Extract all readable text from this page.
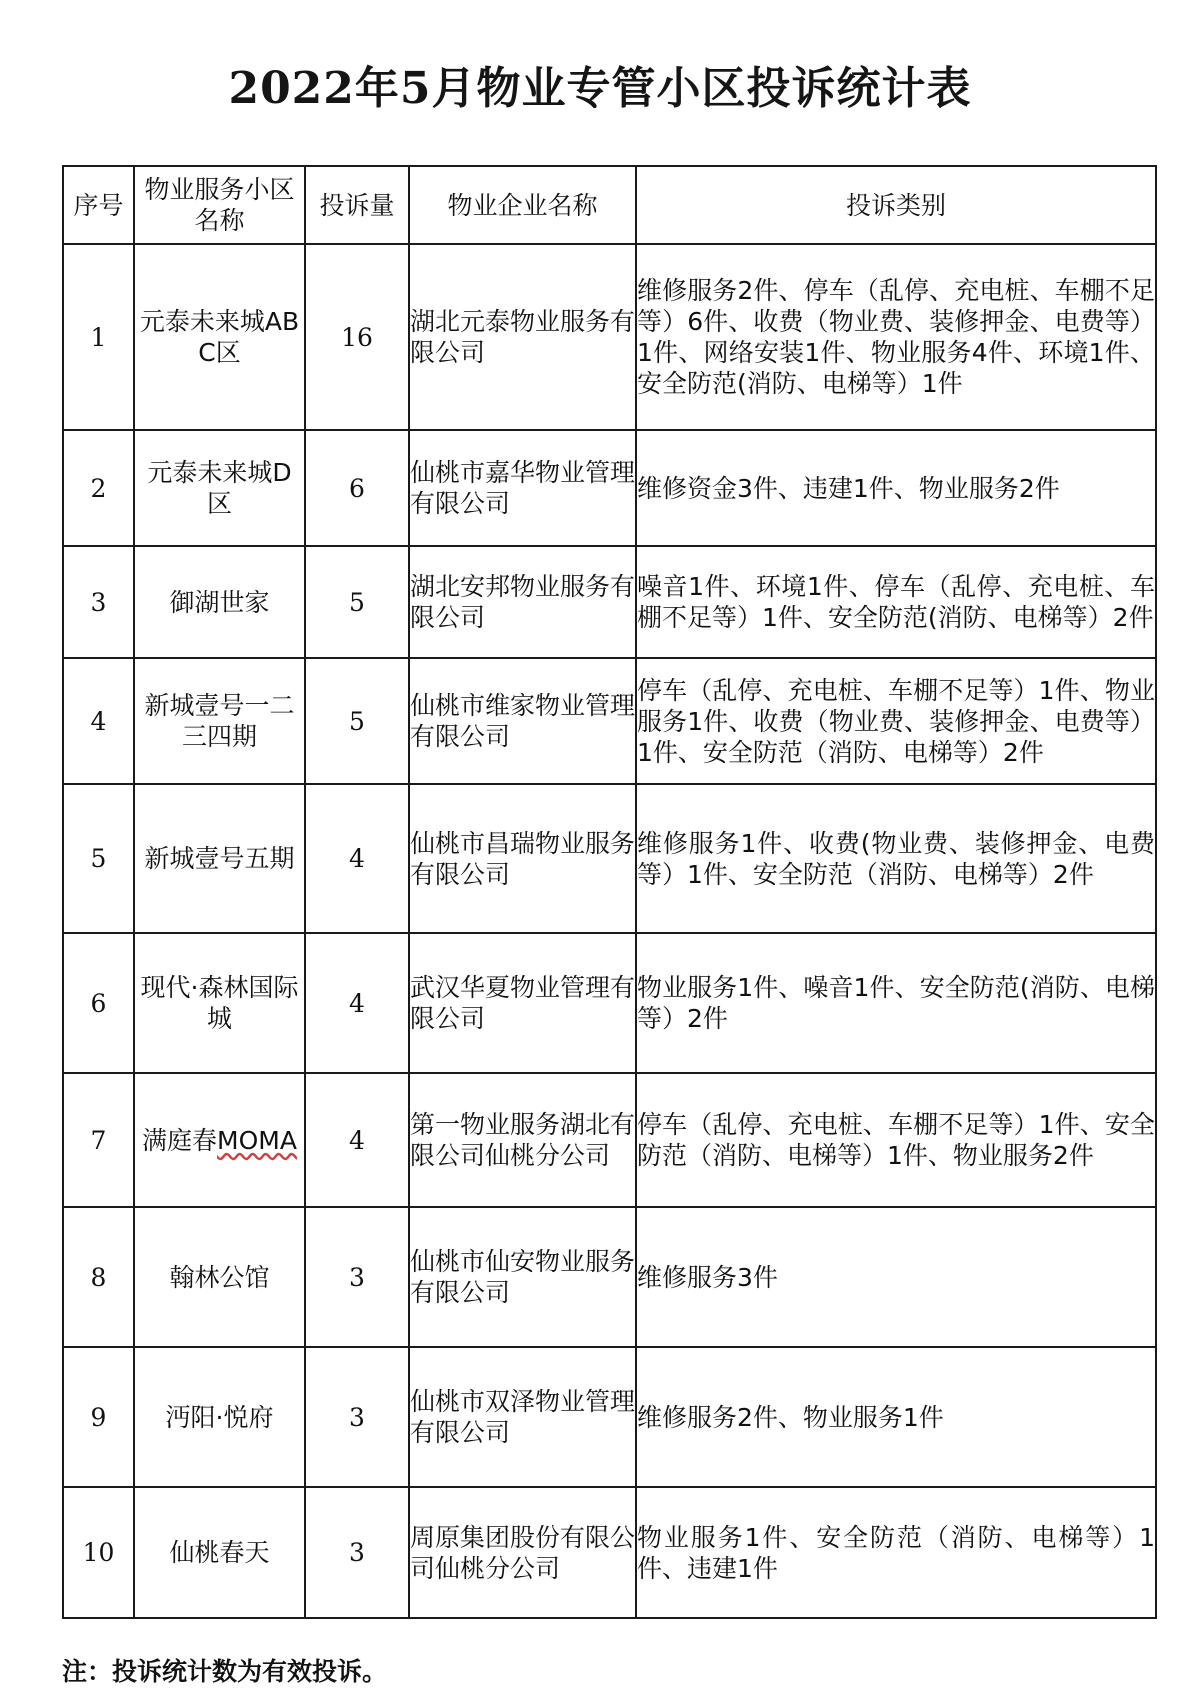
2022年5月物业专管小区投诉统计表
序号	物业服务小区名称	投诉量	物业企业名称	投诉类别
1	元泰未来城ABC区	16	湖北元泰物业服务有限公司	维修服务2件、停车（乱停、充电桩、车棚不足等）6件、收费（物业费、装修押金、电费等）1件、网络安装1件、物业服务4件、环境1件、安全防范(消防、电梯等）1件
2	元泰未来城D区	6	仙桃市嘉华物业管理有限公司	维修资金3件、违建1件、物业服务2件
3	御湖世家	5	湖北安邦物业服务有限公司	噪音1件、环境1件、停车（乱停、充电桩、车棚不足等）1件、安全防范(消防、电梯等）2件
4	新城壹号一二三四期	5	仙桃市维家物业管理有限公司	停车（乱停、充电桩、车棚不足等）1件、物业服务1件、收费（物业费、装修押金、电费等）1件、安全防范（消防、电梯等）2件
5	新城壹号五期	4	仙桃市昌瑞物业服务有限公司	维修服务1件、收费(物业费、装修押金、电费等）1件、安全防范（消防、电梯等）2件
6	现代·森林国际城	4	武汉华夏物业管理有限公司	物业服务1件、噪音1件、安全防范(消防、电梯等）2件
7	满庭春MOMA	4	第一物业服务湖北有限公司仙桃分公司	停车（乱停、充电桩、车棚不足等）1件、安全防范（消防、电梯等）1件、物业服务2件
8	翰林公馆	3	仙桃市仙安物业服务有限公司	维修服务3件
9	沔阳·悦府	3	仙桃市双泽物业管理有限公司	维修服务2件、物业服务1件
10	仙桃春天	3	周原集团股份有限公司仙桃分公司	物业服务1件、安全防范（消防、电梯等）1件、违建1件
注：投诉统计数为有效投诉。
